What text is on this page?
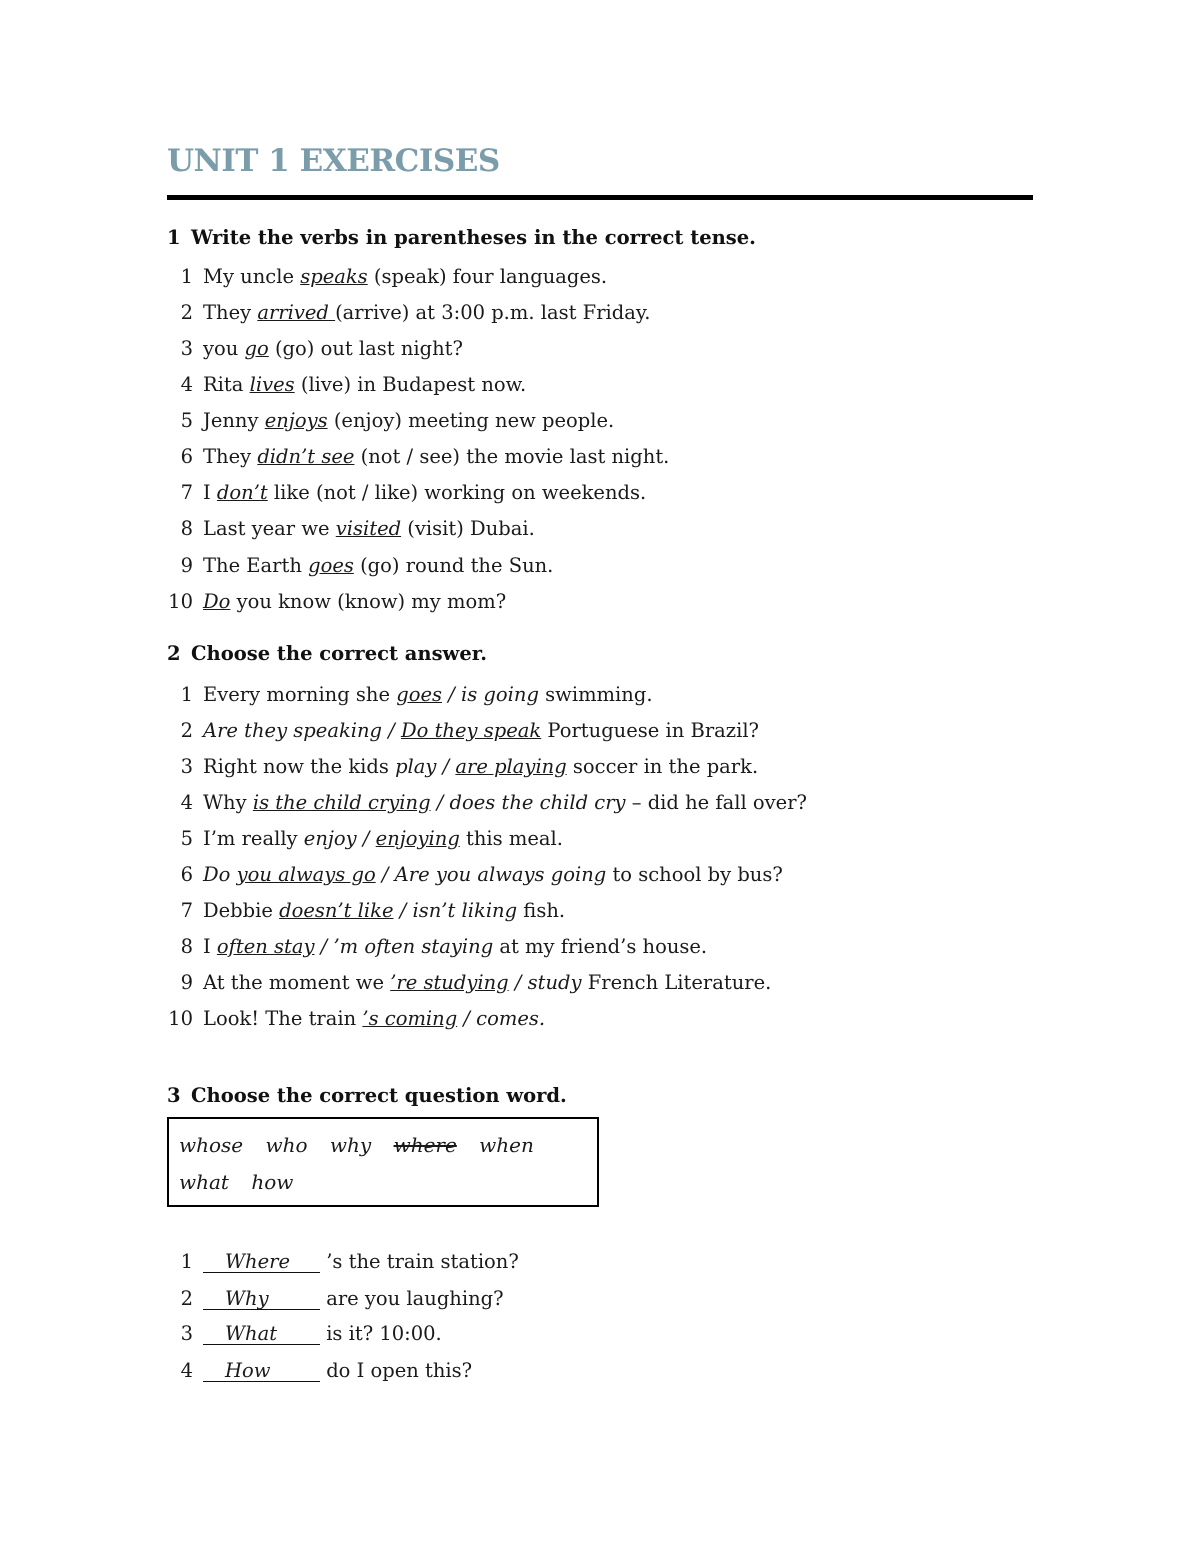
UNIT 1 EXERCISES
1 Write the verbs in parentheses in the correct tense.
1 My uncle speaks (speak) four languages.
2 They arrived (arrive) at 3:00 p.m. last Friday.
3 you go (go) out last night?
4 Rita lives (live) in Budapest now.
5 Jenny enjoys (enjoy) meeting new people.
6 They didn’t see (not / see) the movie last night.
7 I don’t like (not / like) working on weekends.
8 Last year we visited (visit) Dubai.
9 The Earth goes (go) round the Sun.
10 Do you know (know) my mom?
2 Choose the correct answer.
1 Every morning she goes / is going swimming.
2 Are they speaking / Do they speak Portuguese in Brazil?
3 Right now the kids play / are playing soccer in the park.
4 Why is the child crying / does the child cry – did he fall over?
5 I’m really enjoy / enjoying this meal.
6 Do you always go / Are you always going to school by bus?
7 Debbie doesn’t like / isn’t liking fish.
8 I often stay / ’m often staying at my friend’s house.
9 At the moment we ’re studying / study French Literature.
10 Look! The train ’s coming / comes.
3 Choose the correct question word.
whose who why where when what how
1 Where ’s the train station?
2 Why	are you laughing?
3 What is it? 10:00.
4 How	do I open this?
